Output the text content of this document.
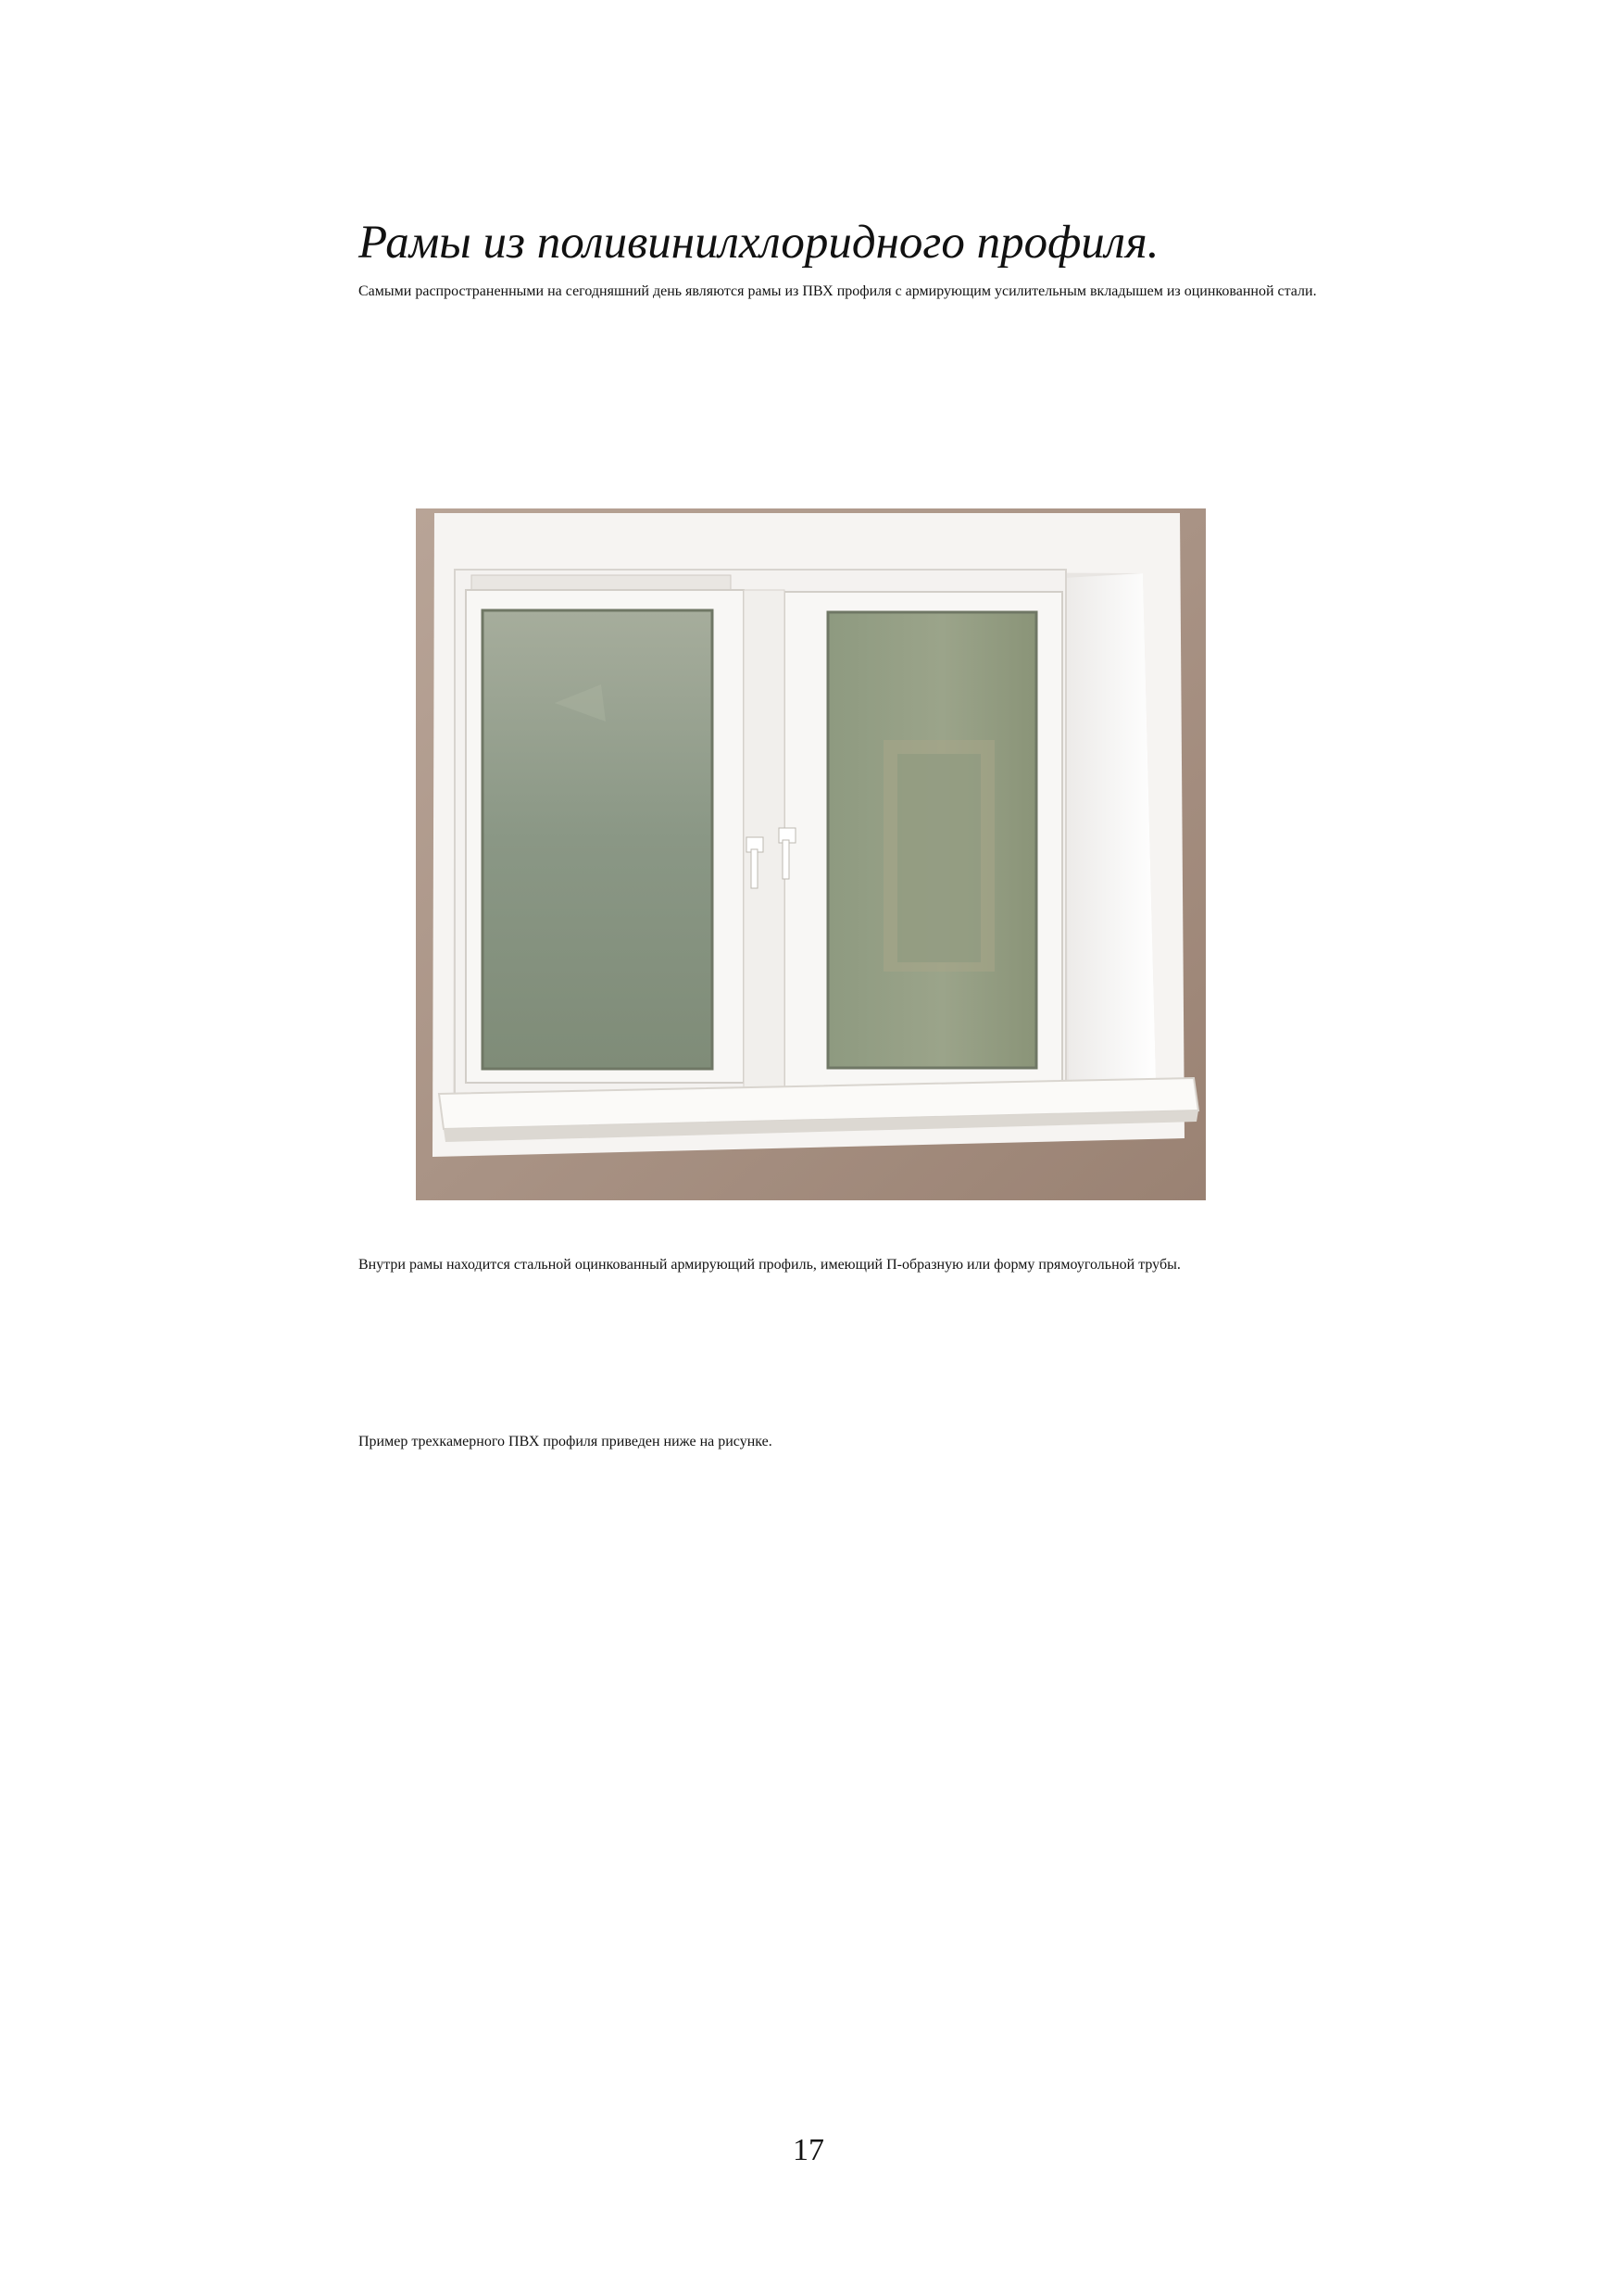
Рамы из поливинилхлоридного профиля.

Самыми распространенными на сегодняшний день являются рамы из ПВХ профиля с армирующим усилительным вкладышем из оцинкованной стали.

Внутри рамы находится стальной оцинкованный армирующий профиль, имеющий П-образную или форму прямоугольной трубы.

Пример трехкамерного ПВХ профиля приведен ниже на рисунке.

17
